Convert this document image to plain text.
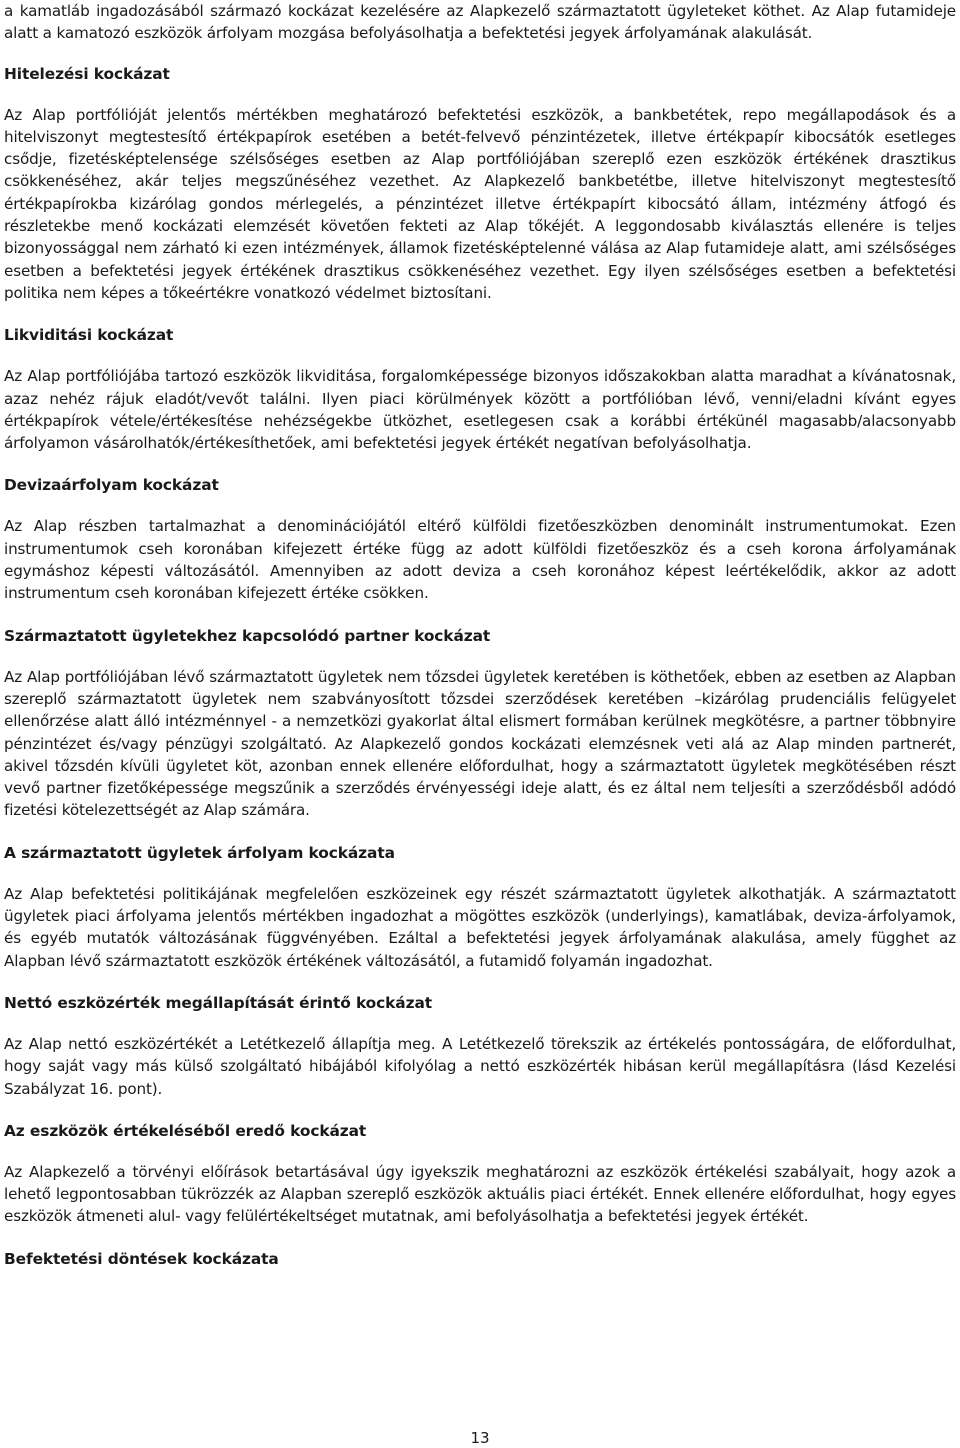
a kamatláb ingadozásából származó kockázat kezelésére az Alapkezelő származtatott ügyleteket köthet. Az Alap futamideje alatt a kamatozó eszközök árfolyam mozgása befolyásolhatja a befektetési jegyek árfolyamának alakulását.

Hitelezési kockázat

Az Alap portfólióját jelentős mértékben meghatározó befektetési eszközök, a bankbetétek, repo megállapodások és a hitelviszonyt megtestesítő értékpapírok esetében a betét-felvevő pénzintézetek, illetve értékpapír kibocsátók esetleges csődje, fizetésképtelensége szélsőséges esetben az Alap portfóliójában szereplő ezen eszközök értékének drasztikus csökkenéséhez, akár teljes megszűnéséhez vezethet. Az Alapkezelő bankbetétbe, illetve hitelviszonyt megtestesítő értékpapírokba kizárólag gondos mérlegelés, a pénzintézet illetve értékpapírt kibocsátó állam, intézmény átfogó és részletekbe menő kockázati elemzését követően fekteti az Alap tőkéjét. A leggondosabb kiválasztás ellenére is teljes bizonyossággal nem zárható ki ezen intézmények, államok fizetésképtelenné válása az Alap futamideje alatt, ami szélsőséges esetben a befektetési jegyek értékének drasztikus csökkenéséhez vezethet. Egy ilyen szélsőséges esetben a befektetési politika nem képes a tőkeértékre vonatkozó védelmet biztosítani.

Likviditási kockázat

Az Alap portfóliójába tartozó eszközök likviditása, forgalomképessége bizonyos időszakokban alatta maradhat a kívánatosnak, azaz nehéz rájuk eladót/vevőt találni. Ilyen piaci körülmények között a portfólióban lévő, venni/eladni kívánt egyes értékpapírok vétele/értékesítése nehézségekbe ütközhet, esetlegesen csak a korábbi értékünél magasabb/alacsonyabb árfolyamon vásárolhatók/értékesíthetőek, ami befektetési jegyek értékét negatívan befolyásolhatja.

Devizaárfolyam kockázat

Az Alap részben tartalmazhat a denominációjától eltérő külföldi fizetőeszközben denominált instrumentumokat. Ezen instrumentumok cseh koronában kifejezett értéke függ az adott külföldi fizetőeszköz és a cseh korona árfolyamának egymáshoz képesti változásától. Amennyiben az adott deviza a cseh koronához képest leértékelődik, akkor az adott instrumentum cseh koronában kifejezett értéke csökken.

Származtatott ügyletekhez kapcsolódó partner kockázat

Az Alap portfóliójában lévő származtatott ügyletek nem tőzsdei ügyletek keretében is köthetőek, ebben az esetben az Alapban szereplő származtatott ügyletek nem szabványosított tőzsdei szerződések keretében –kizárólag prudenciális felügyelet ellenőrzése alatt álló intézménnyel - a nemzetközi gyakorlat által elismert formában kerülnek megkötésre, a partner többnyire pénzintézet és/vagy pénzügyi szolgáltató. Az Alapkezelő gondos kockázati elemzésnek veti alá az Alap minden partnerét, akivel tőzsdén kívüli ügyletet köt, azonban ennek ellenére előfordulhat, hogy a származtatott ügyletek megkötésében részt vevő partner fizetőképessége megszűnik a szerződés érvényességi ideje alatt, és ez által nem teljesíti a szerződésből adódó fizetési kötelezettségét az Alap számára.

A származtatott ügyletek árfolyam kockázata

Az Alap befektetési politikájának megfelelően eszközeinek egy részét származtatott ügyletek alkothatják. A származtatott ügyletek piaci árfolyama jelentős mértékben ingadozhat a mögöttes eszközök (underlyings), kamatlábak, deviza-árfolyamok, és egyéb mutatók változásának függvényében. Ezáltal a befektetési jegyek árfolyamának alakulása, amely függhet az Alapban lévő származtatott eszközök értékének változásától, a futamidő folyamán ingadozhat.

Nettó eszközérték megállapítását érintő kockázat

Az Alap nettó eszközértékét a Letétkezelő állapítja meg. A Letétkezelő törekszik az értékelés pontosságára, de előfordulhat, hogy saját vagy más külső szolgáltató hibájából kifolyólag a nettó eszközérték hibásan kerül megállapításra (lásd Kezelési Szabályzat 16. pont).

Az eszközök értékeléséből eredő kockázat

Az Alapkezelő a törvényi előírások betartásával úgy igyekszik meghatározni az eszközök értékelési szabályait, hogy azok a lehető legpontosabban tükrözzék az Alapban szereplő eszközök aktuális piaci értékét. Ennek ellenére előfordulhat, hogy egyes eszközök átmeneti alul- vagy felülértékeltséget mutatnak, ami befolyásolhatja a befektetési jegyek értékét.

Befektetési döntések kockázata
13
